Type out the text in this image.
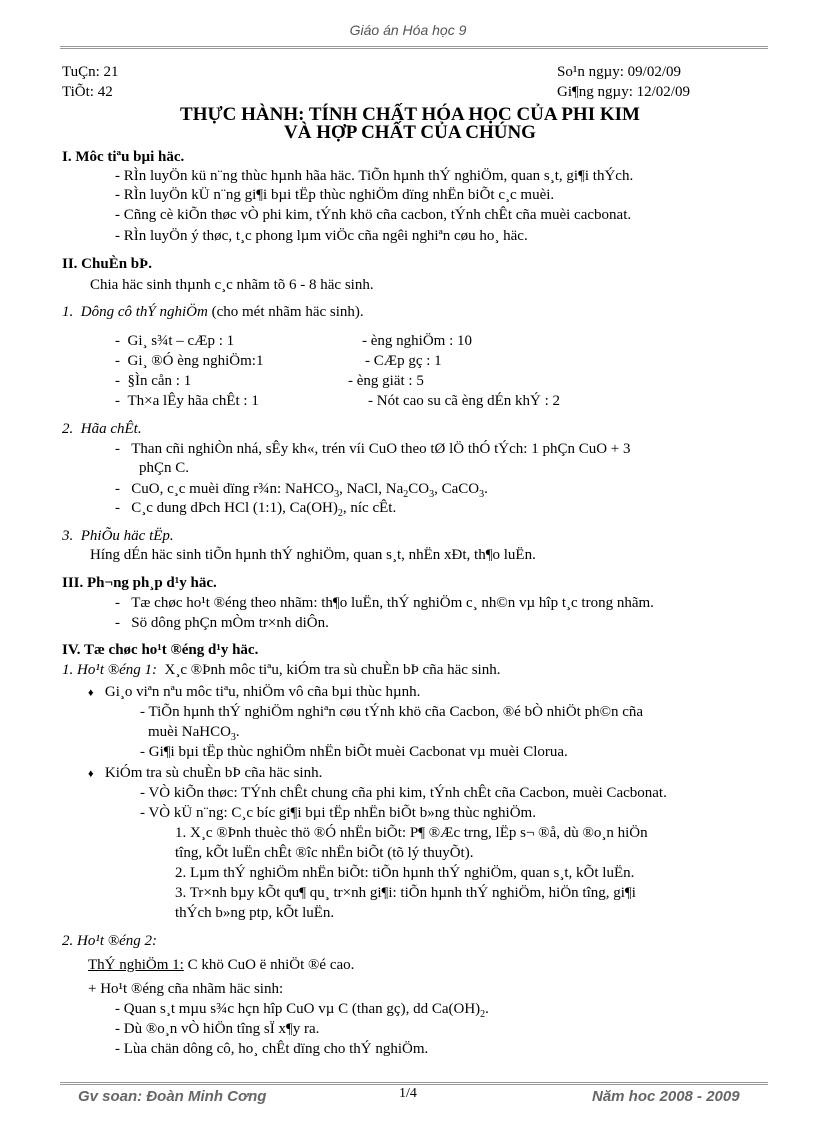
Giáo án Hóa học 9
TuÇn: 21
TiÕt: 42
So¹n ngµy: 09/02/09
Gi¶ng ngµy: 12/02/09
THỰC HÀNH: TÍNH CHẤT HÓA HỌC CỦA PHI KIM
VÀ HỢP CHẤT CỦA CHÚNG
I. Môc tiªu bµi häc.
- RÌn luyÖn kü n¨ng thùc hµnh hãa häc. TiÕn hµnh thÝ nghiÖm, quan s¸t, gi¶i thÝch.
- RÌn luyÖn kÜ n¨ng gi¶i bµi tËp thùc nghiÖm dïng nhËn biÕt c¸c muèi.
- Cñng cè kiÕn thøc vÒ phi kim, tÝnh khö cña cacbon, tÝnh chÊt cña muèi cacbonat.
- RÌn luyÖn ý thøc, t¸c phong lµm viÖc cña ngêi nghiªn cøu ho¸ häc.
II. ChuÈn bÞ.
Chia häc sinh thµnh c¸c nhãm tõ 6 - 8 häc sinh.
1. Dông cô thÝ nghiÖm (cho mét nhãm häc sinh).
-  Gi¸ s¾t – cÆp : 1	- èng nghiÖm : 10
-  Gi¸ ®Ó èng nghiÖm:1	- CÆp gç : 1
-  §Ìn cån : 1	- èng giät : 5
-  Th×a lÊy hãa chÊt : 1	- Nót cao su cã èng dÉn khÝ : 2
2. Hãa chÊt.
-   Than cñi nghiÒn nhá, sÊy kh«, trén víi CuO theo tØ lÖ thÓ tÝch: 1 phÇn CuO + 3
phÇn C.
-   CuO, c¸c muèi dïng r¾n: NaHCO$_3$, NaCl, $Na_2CO_3$, CaCO$_3$.
-   C¸c dung dÞch HCl (1:1), $Ca(OH)_2$, níc cÊt.
3. PhiÕu häc tËp.
Híng dÉn häc sinh tiÕn hµnh thÝ nghiÖm, quan s¸t, nhËn xÐt, th¶o luËn.
III. Ph¬ng ph¸p d¹y häc.
-   Tæ chøc ho¹t ®éng theo nhãm: th¶o luËn, thÝ nghiÖm c¸ nh©n vµ hîp t¸c trong nhãm.
-   Sö dông phÇn mÒm tr×nh diÔn.
IV. Tæ chøc ho¹t ®éng d¹y häc.
1. Ho¹t ®éng 1: X¸c ®Þnh môc tiªu, kiÓm tra sù chuÈn bÞ cña häc sinh.
♦ Gi¸o viªn nªu môc tiªu, nhiÖm vô cña bµi thùc hµnh.
- TiÕn hµnh thÝ nghiÖm nghiªn cøu tÝnh khö cña Cacbon, ®é bÒ nhiÖt ph©n cña
muèi NaHCO$_3$.
- Gi¶i bµi tËp thùc nghiÖm nhËn biÕt muèi Cacbonat vµ muèi Clorua.
♦ KiÓm tra sù chuÈn bÞ cña häc sinh.
- VÒ kiÕn thøc: TÝnh chÊt chung cña phi kim, tÝnh chÊt cña Cacbon, muèi Cacbonat.
- VÒ kÜ n¨ng: C¸c bíc gi¶i bµi tËp nhËn biÕt b»ng thùc nghiÖm.
1. X¸c ®Þnh thuèc thö ®Ó nhËn biÕt: P¶ ®Æc trng, lËp s¬ ®å, dù ®o¸n hiÖn
tîng, kÕt luËn chÊt ®îc nhËn biÕt (tõ lý thuyÕt).
2. Lµm thÝ nghiÖm nhËn biÕt: tiÕn hµnh thÝ nghiÖm, quan s¸t, kÕt luËn.
3. Tr×nh bµy kÕt qu¶ qu¸ tr×nh gi¶i: tiÕn hµnh thÝ nghiÖm, hiÖn tîng, gi¶i
thÝch b»ng ptp, kÕt luËn.
2. Ho¹t ®éng 2:
ThÝ nghiÖm 1: C khö CuO ë nhiÖt ®é cao.
+ Ho¹t ®éng cña nhãm häc sinh:
- Quan s¸t mµu s¾c hçn hîp CuO vµ C (than gç), dd $Ca(OH)_2$.
- Dù ®o¸n vÒ hiÖn tîng sÏ x¶y ra.
- Lùa chän dông cô, ho¸ chÊt dïng cho thÝ nghiÖm.
Gv soan: Đoàn Minh Cơng	1/4	Năm hoc 2008 - 2009
